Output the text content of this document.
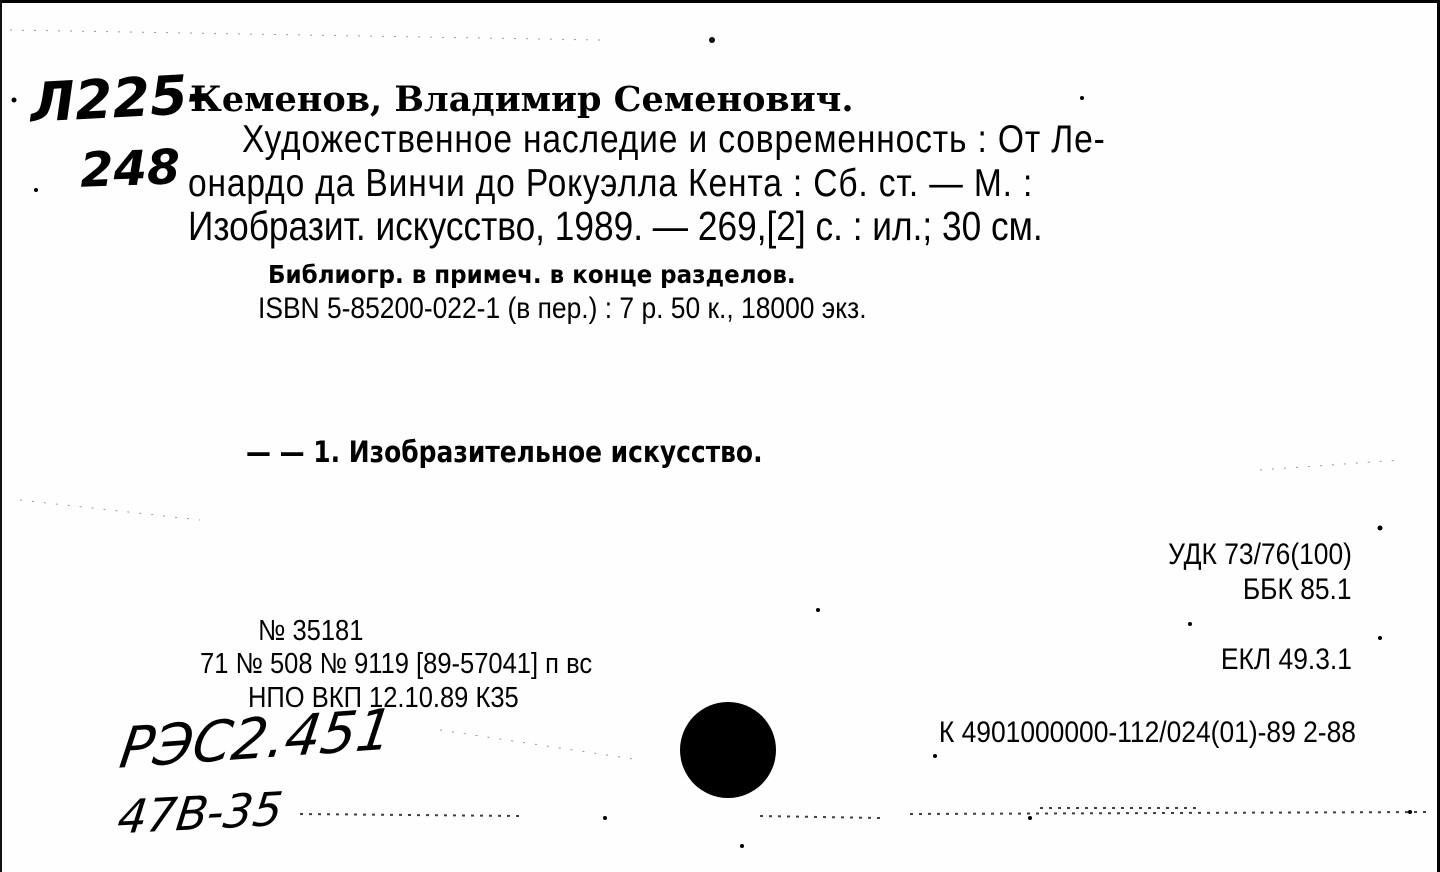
Л225-
248
Кеменов, Владимир Семенович.
Художественное наследие и современность : От Ле-
онардо да Винчи до Рокуэлла Кента : Сб. ст. — М. :
Изобразит. искусство, 1989. — 269,[2] с. : ил.; 30 см.
Библиогр. в примеч. в конце разделов.
ISBN 5-85200-022-1 (в пер.) : 7 р. 50 к., 18000 экз.
— — 1. Изобразительное искусство.
УДК 73/76(100)
ББК 85.1
ЕКЛ 49.3.1
К 4901000000-112/024(01)-89 2-88
№ 35181
71 № 508 № 9119 [89-57041] п вс
НПО ВКП 12.10.89 К35
РЭС2.451
47B-35
